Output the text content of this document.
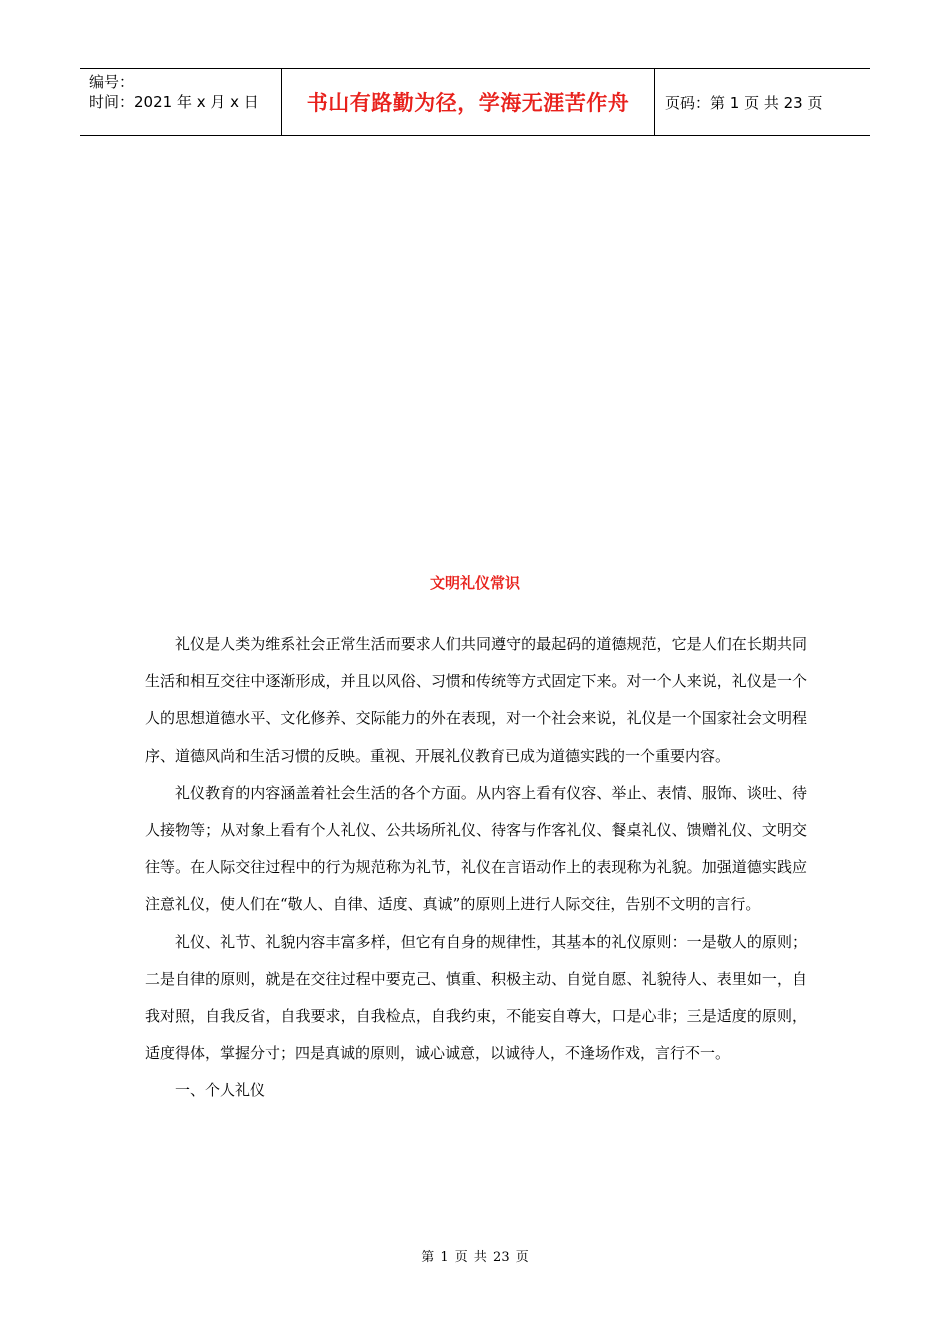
编号：
时间：2021 年 x 月 x 日	书山有路勤为径，学海无涯苦作舟	页码：第 1 页 共 23 页
文明礼仪常识

礼仪是人类为维系社会正常生活而要求人们共同遵守的最起码的道德规范，它是人们在长期共同生活和相互交往中逐渐形成，并且以风俗、习惯和传统等方式固定下来。对一个人来说，礼仪是一个人的思想道德水平、文化修养、交际能力的外在表现，对一个社会来说，礼仪是一个国家社会文明程序、道德风尚和生活习惯的反映。重视、开展礼仪教育已成为道德实践的一个重要内容。

礼仪教育的内容涵盖着社会生活的各个方面。从内容上看有仪容、举止、表情、服饰、谈吐、待人接物等；从对象上看有个人礼仪、公共场所礼仪、待客与作客礼仪、餐桌礼仪、馈赠礼仪、文明交往等。在人际交往过程中的行为规范称为礼节，礼仪在言语动作上的表现称为礼貌。加强道德实践应注意礼仪，使人们在“敬人、自律、适度、真诚”的原则上进行人际交往，告别不文明的言行。

礼仪、礼节、礼貌内容丰富多样，但它有自身的规律性，其基本的礼仪原则：一是敬人的原则；二是自律的原则，就是在交往过程中要克己、慎重、积极主动、自觉自愿、礼貌待人、表里如一，自我对照，自我反省，自我要求，自我检点，自我约束，不能妄自尊大，口是心非；三是适度的原则，适度得体，掌握分寸；四是真诚的原则，诚心诚意，以诚待人，不逢场作戏，言行不一。

一、个人礼仪

第 1 页 共 23 页
